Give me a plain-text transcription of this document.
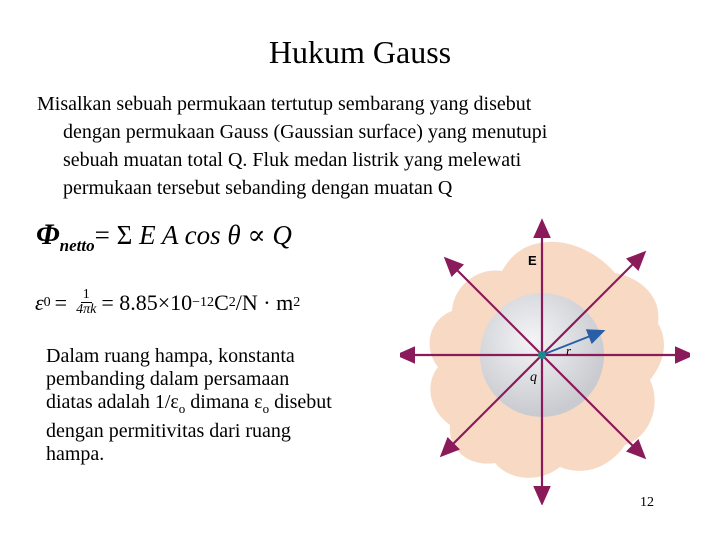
Hukum Gauss
Misalkan sebuah permukaan tertutup sembarang yang disebut
dengan permukaan Gauss (Gaussian surface) yang menutupi
sebuah muatan total Q. Fluk medan listrik yang melewati
permukaan tersebut sebanding dengan muatan Q
$\Phi_{netto}= \Sigma$ E A cos θ ∝ Q
ε $0 = \frac{1}{4\pi k} = 8.85\times 10 -12$ C 2 /N · m 2
Dalam ruang hampa, konstanta
pembanding dalam persamaan
diatas adalah $1/\varepsilon_o$ dimana $\varepsilon_o$ disebut
dengan permitivitas dari ruang
hampa.
E
r
q
12
